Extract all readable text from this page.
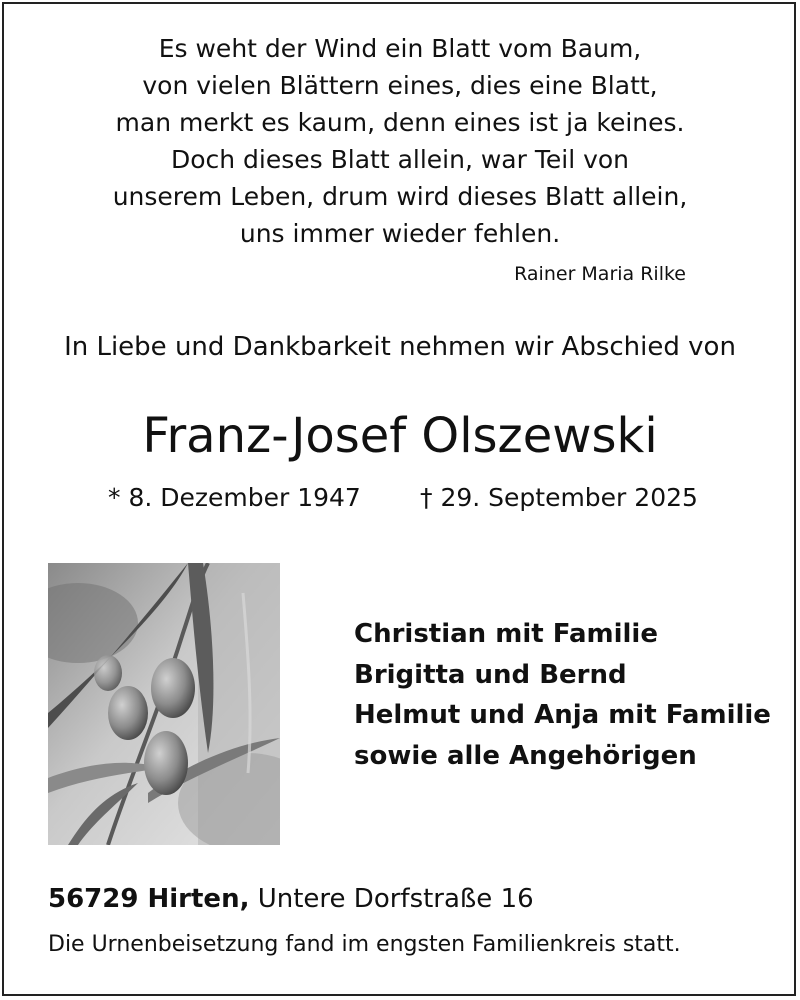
Es weht der Wind ein Blatt vom Baum,
von vielen Blättern eines, dies eine Blatt,
man merkt es kaum, denn eines ist ja keines.
Doch dieses Blatt allein, war Teil von
unserem Leben, drum wird dieses Blatt allein,
uns immer wieder fehlen.
Rainer Maria Rilke
In Liebe und Dankbarkeit nehmen wir Abschied von
Franz-Josef Olszewski
* 8. Dezember 1947 † 29. September 2025
Christian mit Familie
Brigitta und Bernd
Helmut und Anja mit Familie
sowie alle Angehörigen
56729 Hirten, Untere Dorfstraße 16
Die Urnenbeisetzung fand im engsten Familienkreis statt.
